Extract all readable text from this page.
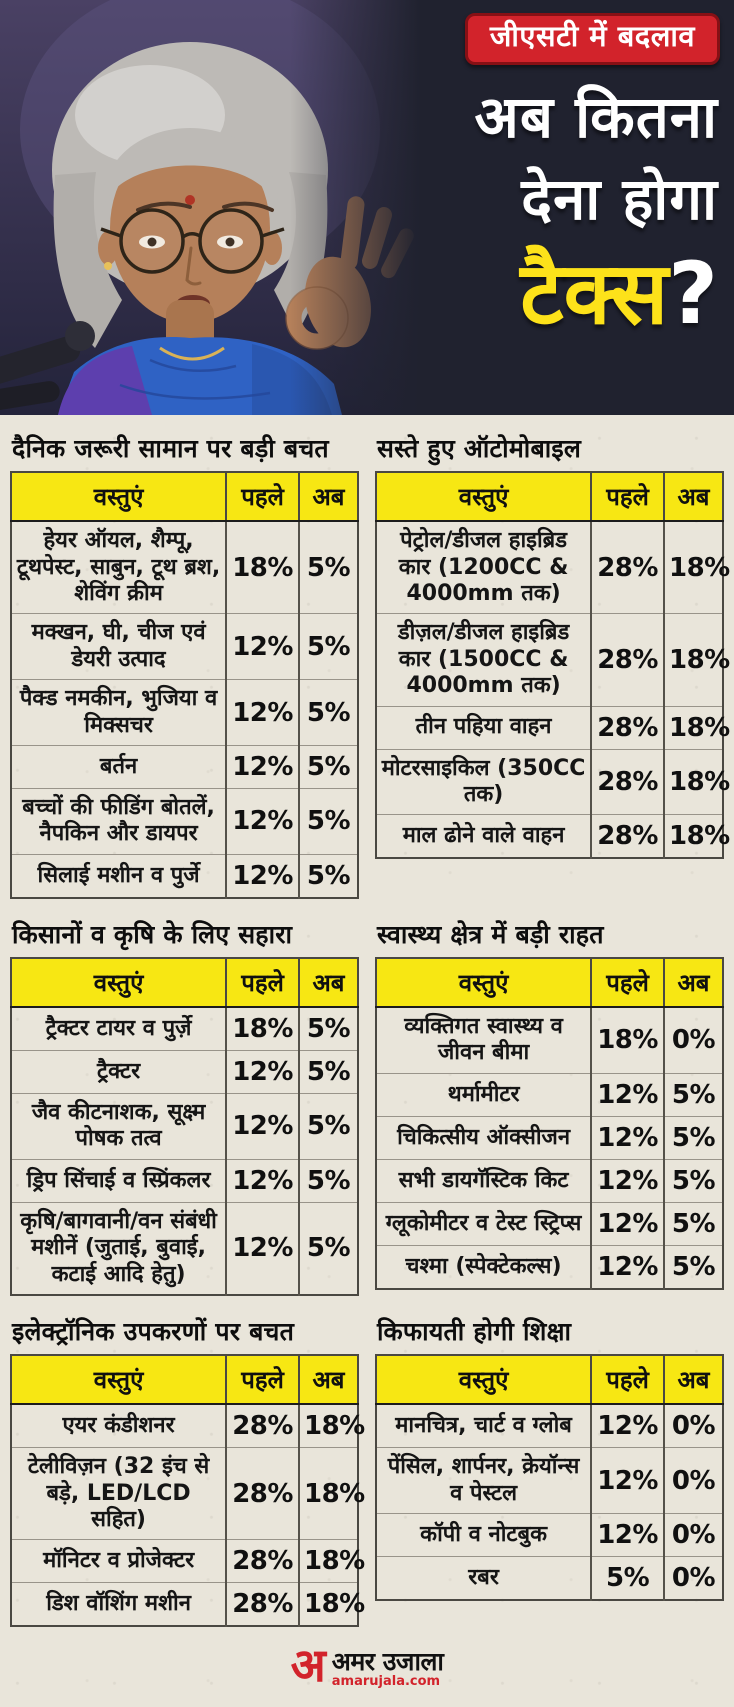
जीएसटी में बदलाव
अब कितना
देना होगा
टैक्स?
दैनिक जरूरी सामान पर बड़ी बचत
वस्तुएं	पहले	अब
हेयर ऑयल, शैम्पू, टूथपेस्ट, साबुन, टूथ ब्रश, शेविंग क्रीम	18%	5%
मक्खन, घी, चीज एवं डेयरी उत्पाद	12%	5%
पैक्ड नमकीन, भुजिया व मिक्सचर	12%	5%
बर्तन	12%	5%
बच्चों की फीडिंग बोतलें, नैपकिन और डायपर	12%	5%
सिलाई मशीन व पुर्जे	12%	5%
सस्ते हुए ऑटोमोबाइल
वस्तुएं	पहले	अब
पेट्रोल/डीजल हाइब्रिड कार (1200CC & 4000mm तक)	28%	18%
डीज़ल/डीजल हाइब्रिड कार (1500CC & 4000mm तक)	28%	18%
तीन पहिया वाहन	28%	18%
मोटरसाइकिल (350CC तक)	28%	18%
माल ढोने वाले वाहन	28%	18%
किसानों व कृषि के लिए सहारा
वस्तुएं	पहले	अब
ट्रैक्टर टायर व पुर्ज़े	18%	5%
ट्रैक्टर	12%	5%
जैव कीटनाशक, सूक्ष्म पोषक तत्व	12%	5%
ड्रिप सिंचाई व स्प्रिंकलर	12%	5%
कृषि/बागवानी/वन संबंधी मशीनें (जुताई, बुवाई, कटाई आदि हेतु)	12%	5%
स्वास्थ्य क्षेत्र में बड़ी राहत
वस्तुएं	पहले	अब
व्यक्तिगत स्वास्थ्य व जीवन बीमा	18%	0%
थर्मामीटर	12%	5%
चिकित्सीय ऑक्सीजन	12%	5%
सभी डायगॅस्टिक किट	12%	5%
ग्लूकोमीटर व टेस्ट स्ट्रिप्स	12%	5%
चश्मा (स्पेक्टेकल्स)	12%	5%
इलेक्ट्रॉनिक उपकरणों पर बचत
वस्तुएं	पहले	अब
एयर कंडीशनर	28%	18%
टेलीविज़न (32 इंच से बड़े, LED/LCD सहित)	28%	18%
मॉनिटर व प्रोजेक्टर	28%	18%
डिश वॉशिंग मशीन	28%	18%
किफायती होगी शिक्षा
वस्तुएं	पहले	अब
मानचित्र, चार्ट व ग्लोब	12%	0%
पेंसिल, शार्पनर, क्रेयॉन्स व पेस्टल	12%	0%
कॉपी व नोटबुक	12%	0%
रबर	5%	0%
अ अमर उजाला
amarujala.com
